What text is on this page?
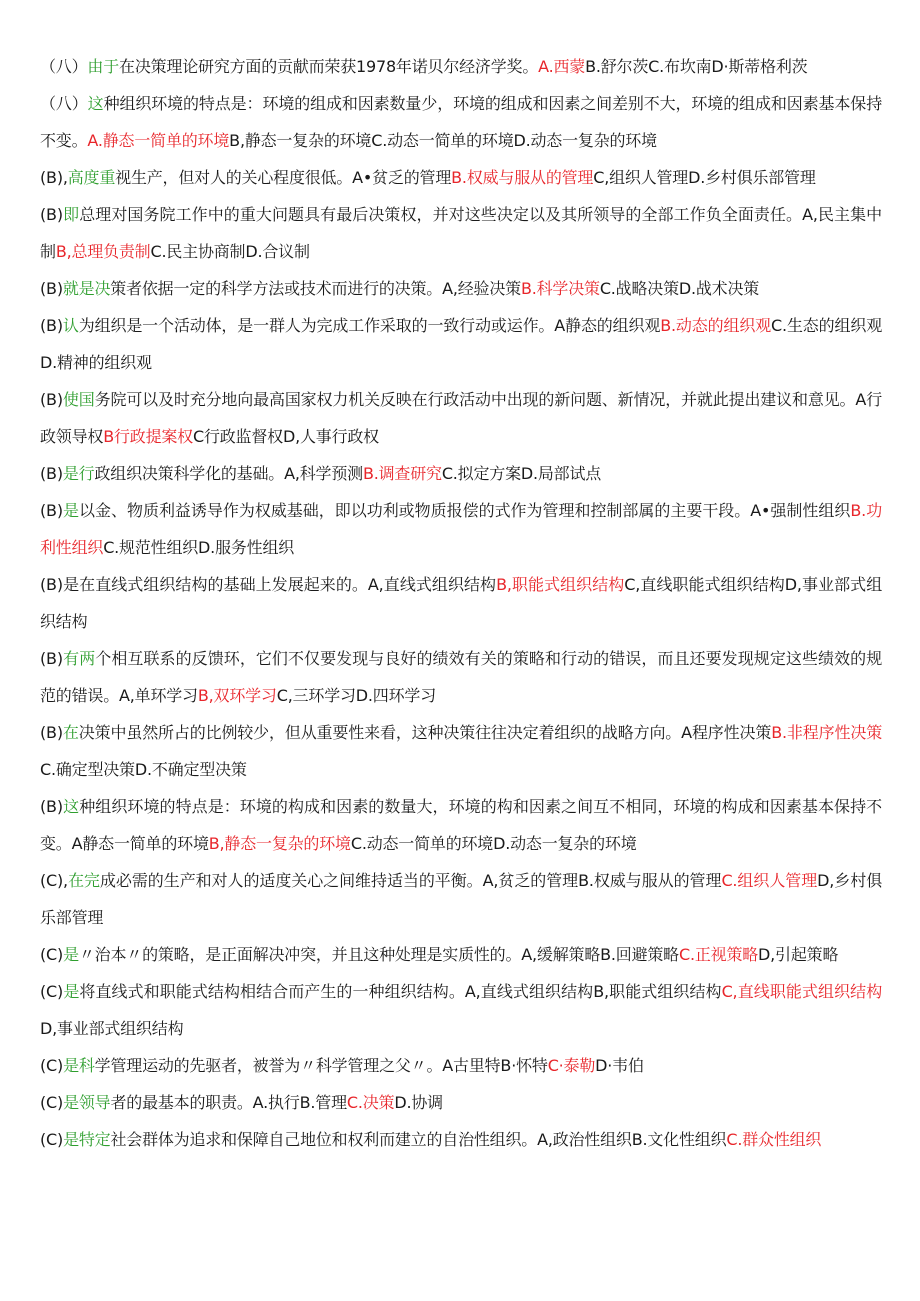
（八）由于在决策理论研究方面的贡献而荣获1978年诺贝尔经济学奖。A.西蒙B.舒尔茨C.布坎南D·斯蒂格利茨

（八）这种组织环境的特点是：环境的组成和因素数量少，环境的组成和因素之间差别不大，环境的组成和因素基本保持不变。A.静态一简单的环境B,静态一复杂的环境C.动态一简单的环境D.动态一复杂的环境

(B),高度重视生产，但对人的关心程度很低。A•贫乏的管理B.权威与服从的管理C,组织人管理D.乡村俱乐部管理

(B)即总理对国务院工作中的重大问题具有最后决策权，并对这些决定以及其所领导的全部工作负全面责任。A,民主集中制B,总理负责制C.民主协商制D.合议制

(B)就是决策者依据一定的科学方法或技术而进行的决策。A,经验决策B.科学决策C.战略决策D.战术决策

(B)认为组织是一个活动体，是一群人为完成工作采取的一致行动或运作。A静态的组织观B.动态的组织观C.生态的组织观D.精神的组织观

(B)使国务院可以及时充分地向最高国家权力机关反映在行政活动中出现的新问题、新情况，并就此提出建议和意见。A行政领导权B行政提案权C行政监督权D,人事行政权

(B)是行政组织决策科学化的基础。A,科学预测B.调查研究C.拟定方案D.局部试点

(B)是以金、物质利益诱导作为权威基础，即以功利或物质报偿的式作为管理和控制部属的主要干段。A•强制性组织B.功利性组织C.规范性组织D.服务性组织

(B)是在直线式组织结构的基础上发展起来的。A,直线式组织结构B,职能式组织结构C,直线职能式组织结构D,事业部式组织结构

(B)有两个相互联系的反馈环，它们不仅要发现与良好的绩效有关的策略和行动的错误，而且还要发现规定这些绩效的规范的错误。A,单环学习B,双环学习C,三环学习D.四环学习

(B)在决策中虽然所占的比例较少，但从重要性来看，这种决策往往决定着组织的战略方向。A程序性决策B.非程序性决策C.确定型决策D.不确定型决策

(B)这种组织环境的特点是：环境的构成和因素的数量大，环境的构和因素之间互不相同，环境的构成和因素基本保持不变。A静态一简单的环境B,静态一复杂的环境C.动态一简单的环境D.动态一复杂的环境

(C),在完成必需的生产和对人的适度关心之间维持适当的平衡。A,贫乏的管理B.权威与服从的管理C.组织人管理D,乡村俱乐部管理

(C)是〃治本〃的策略，是正面解决冲突，并且这种处理是实质性的。A,缓解策略B.回避策略C.正视策略D,引起策略

(C)是将直线式和职能式结构相结合而产生的一种组织结构。A,直线式组织结构B,职能式组织结构C,直线职能式组织结构D,事业部式组织结构

(C)是科学管理运动的先驱者，被誉为〃科学管理之父〃。A古里特B·怀特C·泰勒D·韦伯

(C)是领导者的最基本的职责。A.执行B.管理C.决策D.协调

(C)是特定社会群体为追求和保障自己地位和权利而建立的自治性组织。A,政治性组织B.文化性组织C.群众性组织
